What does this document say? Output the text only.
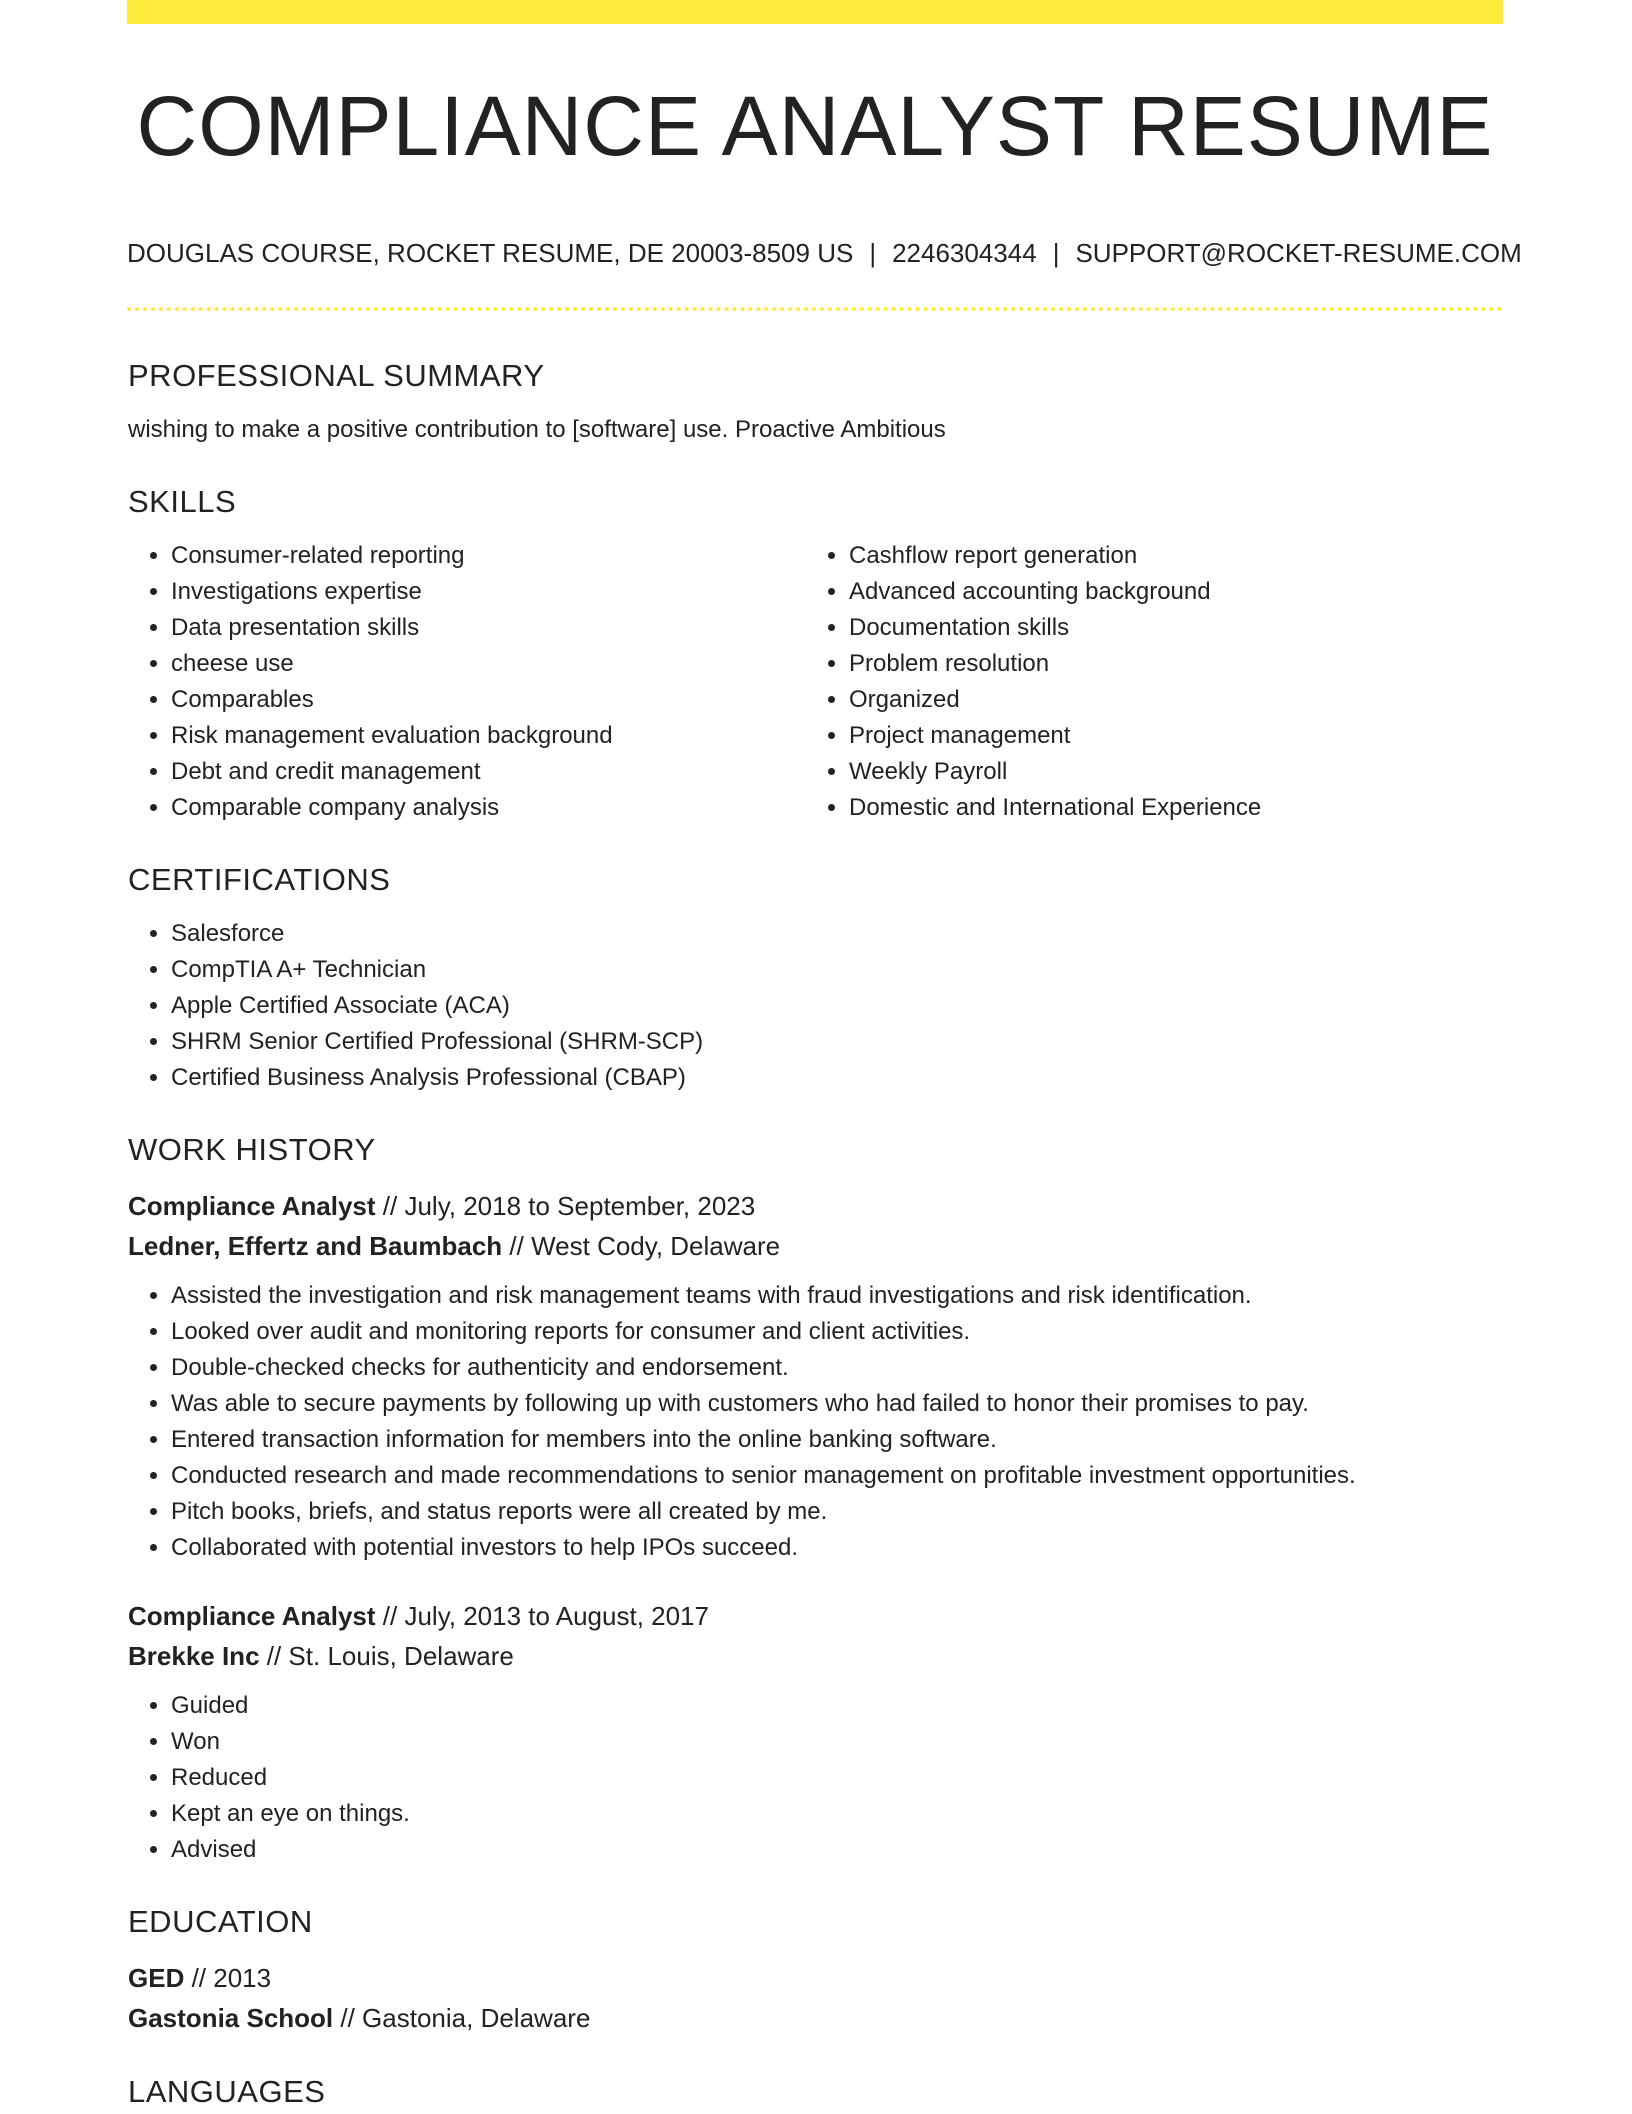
COMPLIANCE ANALYST RESUME
DOUGLAS COURSE, ROCKET RESUME, DE 20003-8509 US | 2246304344 | SUPPORT@ROCKET-RESUME.COM
PROFESSIONAL SUMMARY

wishing to make a positive contribution to [software] use. Proactive Ambitious

SKILLS
• Consumer-related reporting
• Investigations expertise
• Data presentation skills
• cheese use
• Comparables
• Risk management evaluation background
• Debt and credit management
• Comparable company analysis
• Cashflow report generation
• Advanced accounting background
• Documentation skills
• Problem resolution
• Organized
• Project management
• Weekly Payroll
• Domestic and International Experience
CERTIFICATIONS
• Salesforce
• CompTIA A+ Technician
• Apple Certified Associate (ACA)
• SHRM Senior Certified Professional (SHRM-SCP)
• Certified Business Analysis Professional (CBAP)
WORK HISTORY

Compliance Analyst // July, 2018 to September, 2023

Ledner, Effertz and Baumbach // West Cody, Delaware

• Assisted the investigation and risk management teams with fraud investigations and risk identification.
• Looked over audit and monitoring reports for consumer and client activities.
• Double-checked checks for authenticity and endorsement.
• Was able to secure payments by following up with customers who had failed to honor their promises to pay.
• Entered transaction information for members into the online banking software.
• Conducted research and made recommendations to senior management on profitable investment opportunities.
• Pitch books, briefs, and status reports were all created by me.
• Collaborated with potential investors to help IPOs succeed.

Compliance Analyst // July, 2013 to August, 2017

Brekke Inc // St. Louis, Delaware

• Guided
• Won
• Reduced
• Kept an eye on things.
• Advised
EDUCATION

GED // 2013

Gastonia School // Gastonia, Delaware

LANGUAGES
